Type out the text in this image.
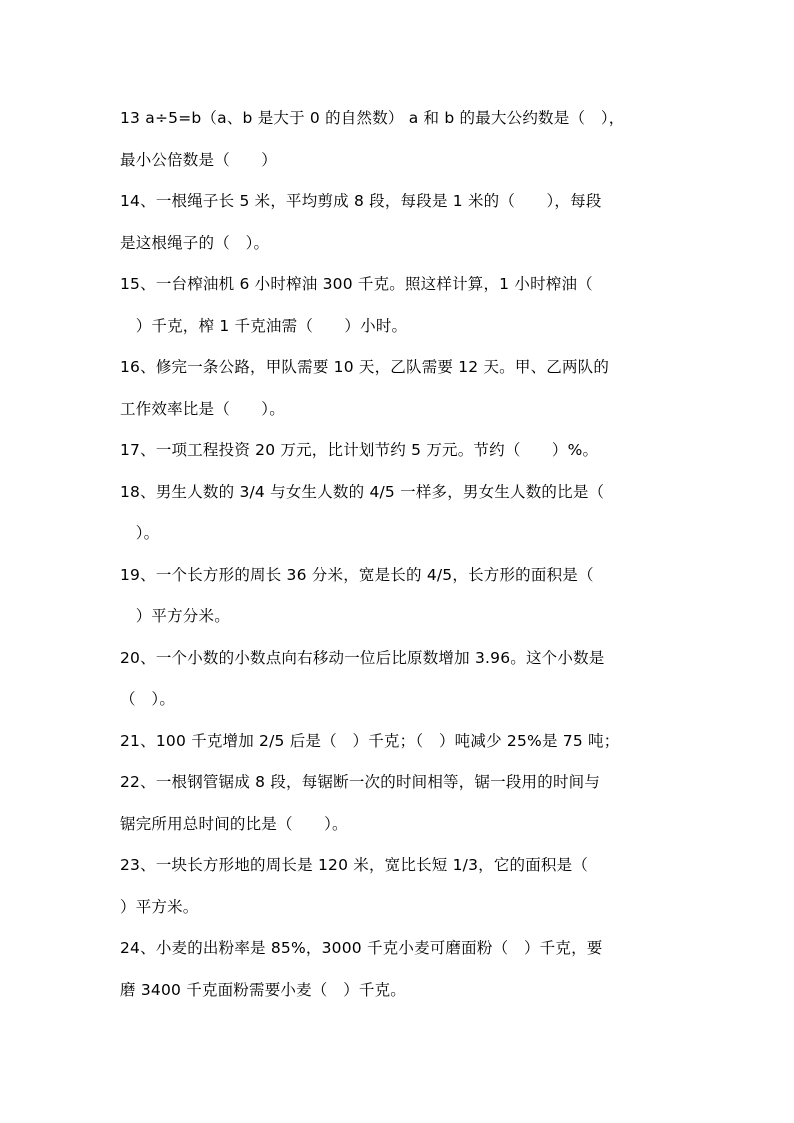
13 a÷5=b（a、b 是大于 0 的自然数） a 和 b 的最大公约数是（　），
最小公倍数是（　　）
14、一根绳子长 5 米，平均剪成 8 段，每段是 1 米的（　　），每段
是这根绳子的（　）。
15、一台榨油机 6 小时榨油 300 千克。照这样计算，1 小时榨油（
　）千克，榨 1 千克油需（　　）小时。
16、修完一条公路，甲队需要 10 天，乙队需要 12 天。甲、乙两队的
工作效率比是（　　）。
17、一项工程投资 20 万元，比计划节约 5 万元。节约（　　）%。
18、男生人数的 3/4 与女生人数的 4/5 一样多，男女生人数的比是（
　）。
19、一个长方形的周长 36 分米，宽是长的 4/5，长方形的面积是（
　）平方分米。
20、一个小数的小数点向右移动一位后比原数增加 3.96。这个小数是
（　）。
21、100 千克增加 2/5 后是（　）千克；（　）吨减少 25%是 75 吨；
22、一根钢管锯成 8 段，每锯断一次的时间相等，锯一段用的时间与
锯完所用总时间的比是（　　）。
23、一块长方形地的周长是 120 米，宽比长短 1/3，它的面积是（
）平方米。
24、小麦的出粉率是 85%，3000 千克小麦可磨面粉（　）千克，要
磨 3400 千克面粉需要小麦（　）千克。
